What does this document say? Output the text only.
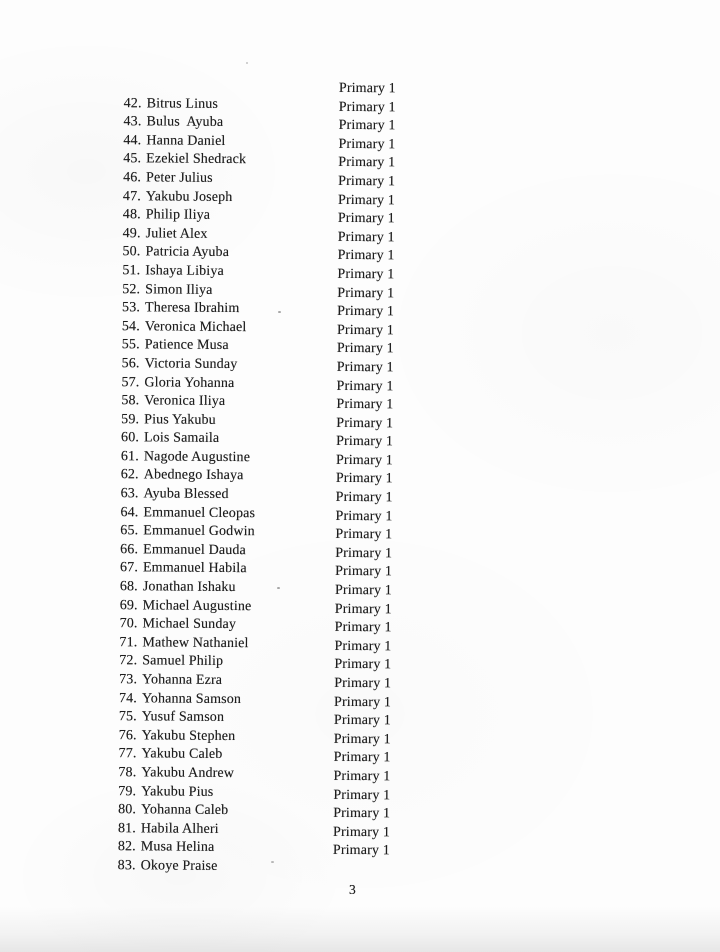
42. Bitrus Linus

Primary 1

43. Bulus  Ayuba

Primary 1

44. Hanna Daniel

Primary 1

45. Ezekiel Shedrack

Primary 1

46. Peter Julius

Primary 1

47. Yakubu Joseph

Primary 1

48. Philip Iliya

Primary 1

49. Juliet Alex

Primary 1

50. Patricia Ayuba

Primary 1

51. Ishaya Libiya

Primary 1

52. Simon Iliya

Primary 1

53. Theresa Ibrahim

Primary 1

54. Veronica Michael

Primary 1

55. Patience Musa

Primary 1

56. Victoria Sunday

Primary 1

57. Gloria Yohanna

Primary 1

58. Veronica Iliya

Primary 1

59. Pius Yakubu

Primary 1

60. Lois Samaila

Primary 1

61. Nagode Augustine

Primary 1

62. Abednego Ishaya

Primary 1

63. Ayuba Blessed

Primary 1

64. Emmanuel Cleopas

Primary 1

65. Emmanuel Godwin

Primary 1

66. Emmanuel Dauda

Primary 1

67. Emmanuel Habila

Primary 1

68. Jonathan Ishaku

Primary 1

69. Michael Augustine

Primary 1

70. Michael Sunday

Primary 1

71. Mathew Nathaniel

Primary 1

72. Samuel Philip

Primary 1

73. Yohanna Ezra

Primary 1

74. Yohanna Samson

Primary 1

75. Yusuf Samson

Primary 1

76. Yakubu Stephen

Primary 1

77. Yakubu Caleb

Primary 1

78. Yakubu Andrew

Primary 1

79. Yakubu Pius

Primary 1

80. Yohanna Caleb

Primary 1

81. Habila Alheri

Primary 1

82. Musa Helina

Primary 1

83. Okoye Praise

Primary 1

3
